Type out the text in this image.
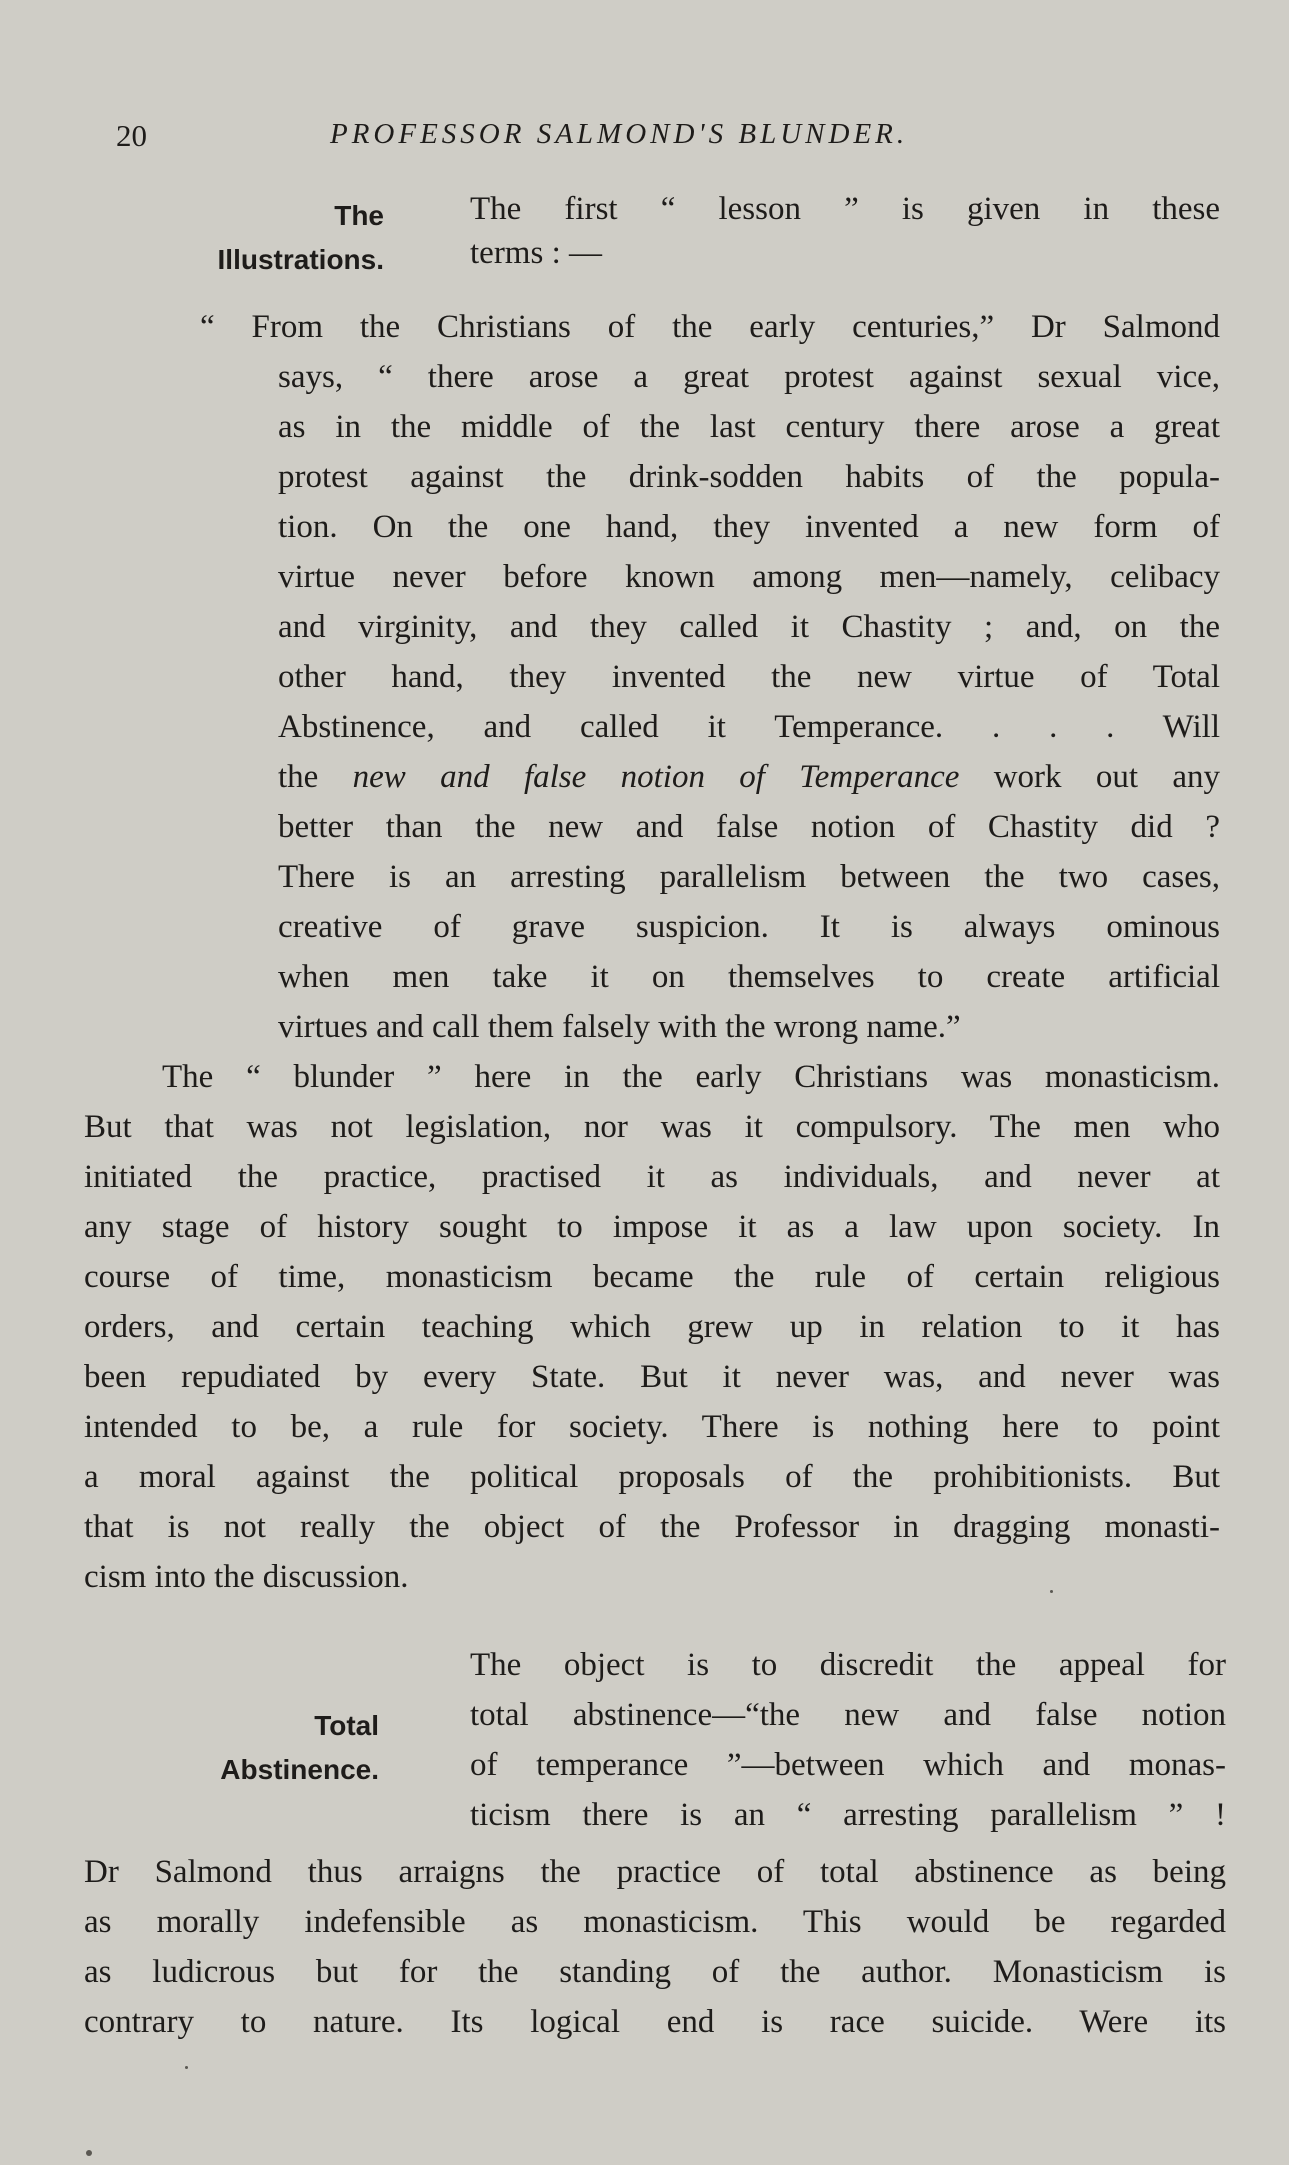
20	PROFESSOR SALMOND'S BLUNDER.
The
Illustrations.
The first “ lesson ” is given in these
terms : —
“ From the Christians of the early centuries,” Dr Salmond
says, “ there arose a great protest against sexual vice,
as in the middle of the last century there arose a great
protest against the drink-sodden habits of the popula-
tion. On the one hand, they invented a new form of
virtue never before known among men—namely, celibacy
and virginity, and they called it Chastity ; and, on the
other hand, they invented the new virtue of Total
Abstinence, and called it Temperance. . . . Will
the new and false notion of Temperance work out any
better than the new and false notion of Chastity did ?
There is an arresting parallelism between the two cases,
creative of grave suspicion. It is always ominous
when men take it on themselves to create artificial
virtues and call them falsely with the wrong name.”
The “ blunder ” here in the early Christians was monasticism.
But that was not legislation, nor was it compulsory. The men who
initiated the practice, practised it as individuals, and never at
any stage of history sought to impose it as a law upon society. In
course of time, monasticism became the rule of certain religious
orders, and certain teaching which grew up in relation to it has
been repudiated by every State. But it never was, and never was
intended to be, a rule for society. There is nothing here to point
a moral against the political proposals of the prohibitionists. But
that is not really the object of the Professor in dragging monasti-
cism into the discussion.
The object is to discredit the appeal for
total abstinence—“the new and false notion
of temperance ”—between which and monas-
ticism there is an “ arresting parallelism ” !
Total
Abstinence.
Dr Salmond thus arraigns the practice of total abstinence as being
as morally indefensible as monasticism. This would be regarded
as ludicrous but for the standing of the author. Monasticism is
contrary to nature. Its logical end is race suicide. Were its
